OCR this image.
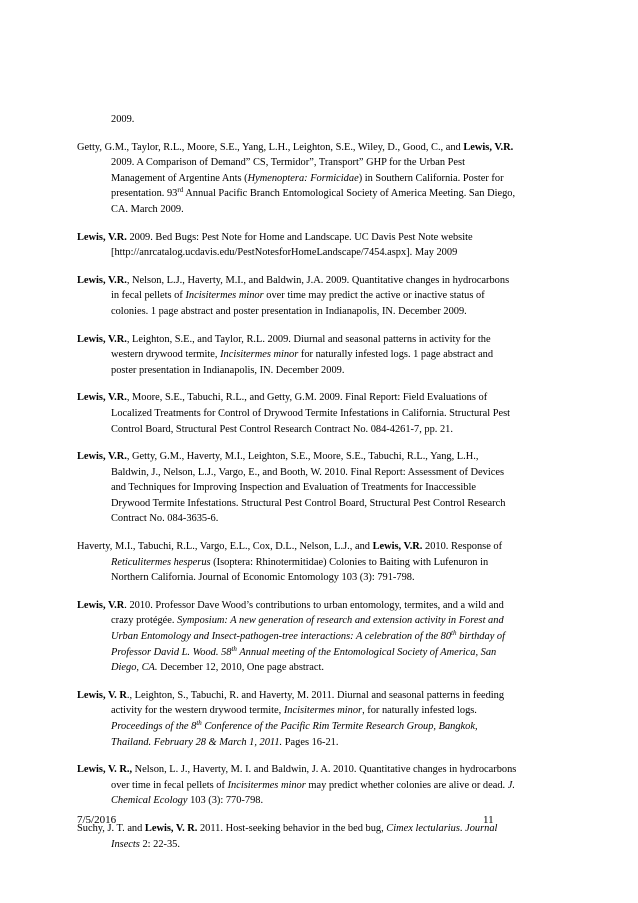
2009.
Getty, G.M., Taylor, R.L., Moore, S.E., Yang, L.H., Leighton, S.E., Wiley, D., Good, C., and Lewis, V.R. 2009. A Comparison of Demand” CS, Termidor”, Transport” GHP for the Urban Pest Management of Argentine Ants (Hymenoptera: Formicidae) in Southern California. Poster for presentation. 93rd Annual Pacific Branch Entomological Society of America Meeting. San Diego, CA. March 2009.
Lewis, V.R. 2009. Bed Bugs: Pest Note for Home and Landscape. UC Davis Pest Note website [http://anrcatalog.ucdavis.edu/PestNotesforHomeLandscape/7454.aspx]. May 2009
Lewis, V.R., Nelson, L.J., Haverty, M.I., and Baldwin, J.A. 2009. Quantitative changes in hydrocarbons in fecal pellets of Incisitermes minor over time may predict the active or inactive status of colonies. 1 page abstract and poster presentation in Indianapolis, IN. December 2009.
Lewis, V.R., Leighton, S.E., and Taylor, R.L. 2009. Diurnal and seasonal patterns in activity for the western drywood termite, Incisitermes minor for naturally infested logs. 1 page abstract and poster presentation in Indianapolis, IN. December 2009.
Lewis, V.R., Moore, S.E., Tabuchi, R.L., and Getty, G.M. 2009. Final Report: Field Evaluations of Localized Treatments for Control of Drywood Termite Infestations in California. Structural Pest Control Board, Structural Pest Control Research Contract No. 084-4261-7, pp. 21.
Lewis, V.R., Getty, G.M., Haverty, M.I., Leighton, S.E., Moore, S.E., Tabuchi, R.L., Yang, L.H., Baldwin, J., Nelson, L.J., Vargo, E., and Booth, W. 2010. Final Report: Assessment of Devices and Techniques for Improving Inspection and Evaluation of Treatments for Inaccessible Drywood Termite Infestations. Structural Pest Control Board, Structural Pest Control Research Contract No. 084-3635-6.
Haverty, M.I., Tabuchi, R.L., Vargo, E.L., Cox, D.L., Nelson, L.J., and Lewis, V.R. 2010. Response of Reticulitermes hesperus (Isoptera: Rhinotermitidae) Colonies to Baiting with Lufenuron in Northern California. Journal of Economic Entomology 103 (3): 791-798.
Lewis, V.R. 2010. Professor Dave Wood’s contributions to urban entomology, termites, and a wild and crazy protégée. Symposium: A new generation of research and extension activity in Forest and Urban Entomology and Insect-pathogen-tree interactions: A celebration of the 80th birthday of Professor David L. Wood. 58th Annual meeting of the Entomological Society of America, San Diego, CA. December 12, 2010, One page abstract.
Lewis, V. R., Leighton, S., Tabuchi, R. and Haverty, M. 2011. Diurnal and seasonal patterns in feeding activity for the western drywood termite, Incisitermes minor, for naturally infested logs. Proceedings of the 8th Conference of the Pacific Rim Termite Research Group, Bangkok, Thailand. February 28 & March 1, 2011. Pages 16-21.
Lewis, V. R., Nelson, L. J., Haverty, M. I. and Baldwin, J. A. 2010. Quantitative changes in hydrocarbons over time in fecal pellets of Incisitermes minor may predict whether colonies are alive or dead. J. Chemical Ecology 103 (3): 770-798.
Suchy, J. T. and Lewis, V. R. 2011. Host-seeking behavior in the bed bug, Cimex lectularius. Journal Insects 2: 22-35.
7/5/2016	11
